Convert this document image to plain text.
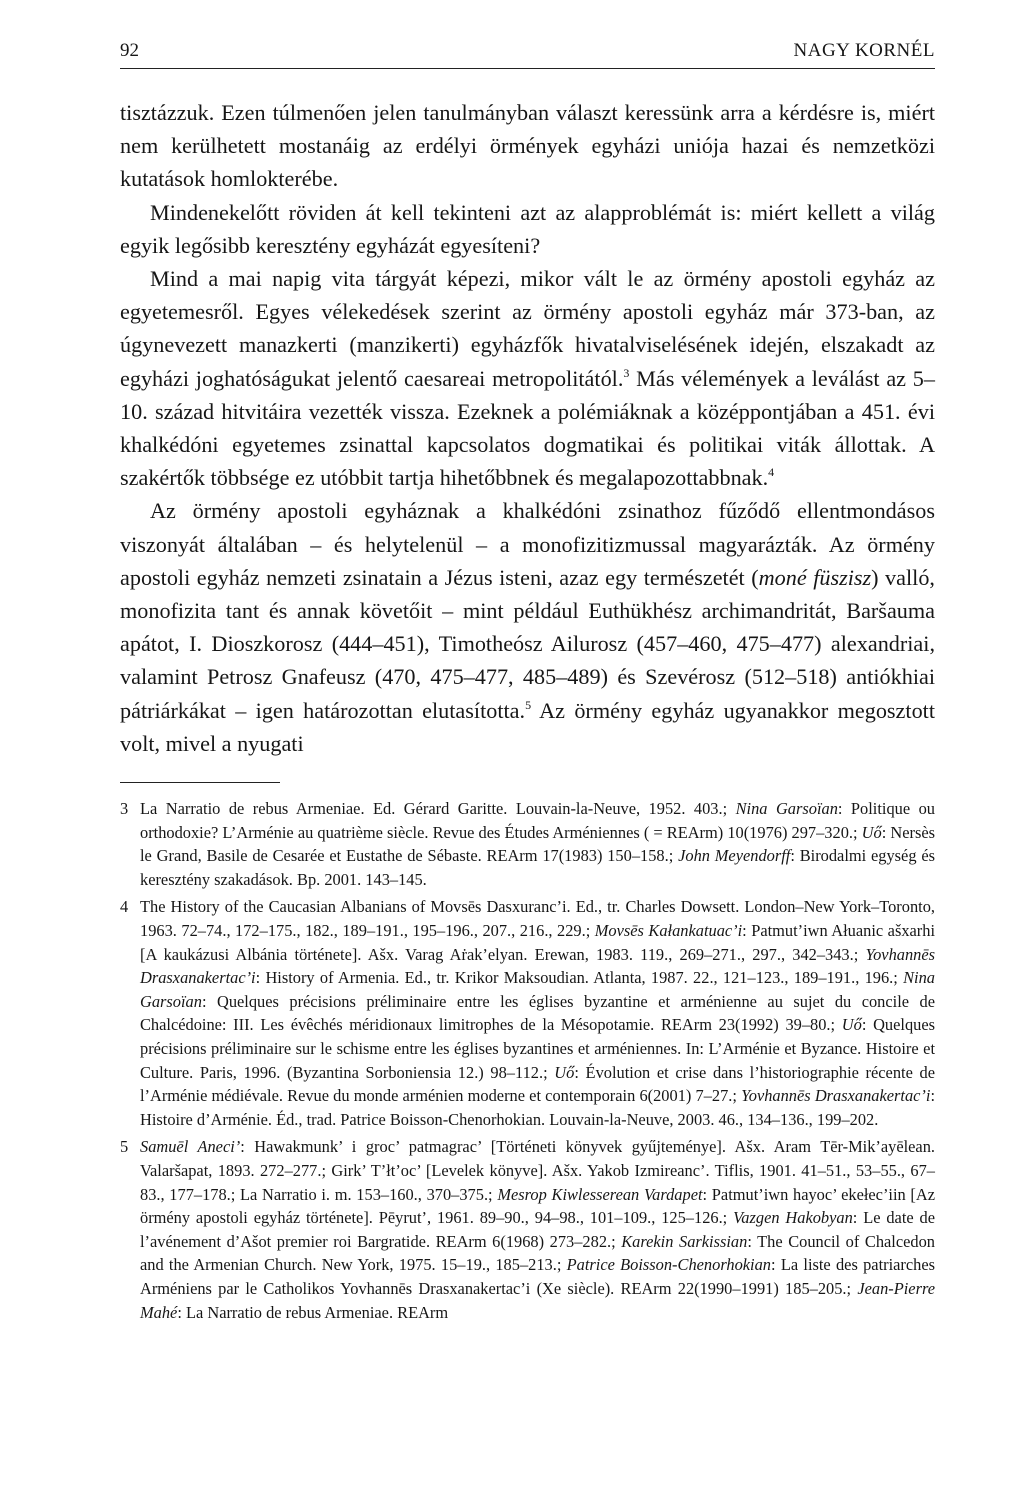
92	NAGY KORNÉL

tisztázzuk. Ezen túlmenően jelen tanulmányban választ keressünk arra a kérdésre is, miért nem kerülhetett mostanáig az erdélyi örmények egyházi uniója hazai és nemzetközi kutatások homlokterébe.

Mindenekelőtt röviden át kell tekinteni azt az alapproblémát is: miért kellett a világ egyik legősibb keresztény egyházát egyesíteni?

Mind a mai napig vita tárgyát képezi, mikor vált le az örmény apostoli egyház az egyetemesről. Egyes vélekedések szerint az örmény apostoli egyház már 373-ban, az úgynevezett manazkerti (manzikerti) egyházfők hivatalviselésének idején, elszakadt az egyházi joghatóságukat jelentő caesareai metropolitától.$^3$ Más vélemények a leválást az 5–10. század hitvitáira vezették vissza. Ezeknek a polémiáknak a középpontjában a 451. évi khalkédóni egyetemes zsinattal kapcsolatos dogmatikai és politikai viták állottak. A szakértők többsége ez utóbbit tartja hihetőbbnek és megalapozottabbnak.$^4$

Az örmény apostoli egyháznak a khalkédóni zsinathoz fűződő ellentmondásos viszonyát általában – és helytelenül – a monofizitizmussal magyarázták. Az örmény apostoli egyház nemzeti zsinatain a Jézus isteni, azaz egy természetét (moné füszisz) valló, monofizita tant és annak követőit – mint például Euthükhész archimandritát, Baršauma apátot, I. Dioszkorosz (444–451), Timotheósz Ailurosz (457–460, 475–477) alexandriai, valamint Petrosz Gnafeusz (470, 475–477, 485–489) és Szevérosz (512–518) antiókhiai pátriárkákat – igen határozottan elutasította.$^5$ Az örmény egyház ugyanakkor megosztott volt, mivel a nyugati

3 La Narratio de rebus Armeniae. Ed. Gérard Garitte. Louvain-la-Neuve, 1952. 403.; Nina Garsoïan: Politique ou orthodoxie? L’Arménie au quatrième siècle. Revue des Études Arméniennes ( = REArm) 10(1976) 297–320.; Uő: Nersès le Grand, Basile de Cesarée et Eustathe de Sébaste. REArm 17(1983) 150–158.; John Meyendorff: Birodalmi egység és keresztény szakadások. Bp. 2001. 143–145.
4 The History of the Caucasian Albanians of Movsēs Dasxuranc’i. Ed., tr. Charles Dowsett. London–New York–Toronto, 1963. 72–74., 172–175., 182., 189–191., 195–196., 207., 216., 229.; Movsēs Kałankatuac’i: Patmut’iwn Ałuanic ašxarhi [A kaukázusi Albánia története]. Ašx. Varag Aṙak’elyan. Erewan, 1983. 119., 269–271., 297., 342–343.; Yovhannēs Drasxanakertac’i: History of Armenia. Ed., tr. Krikor Maksoudian. Atlanta, 1987. 22., 121–123., 189–191., 196.; Nina Garsoïan: Quelques précisions préliminaire entre les églises byzantine et arménienne au sujet du concile de Chalcédoine: III. Les évêchés méridionaux limitrophes de la Mésopotamie. REArm 23(1992) 39–80.; Uő: Quelques précisions préliminaire sur le schisme entre les églises byzantines et arméniennes. In: L’Arménie et Byzance. Histoire et Culture. Paris, 1996. (Byzantina Sorboniensia 12.) 98–112.; Uő: Évolution et crise dans l’historiographie récente de l’Arménie médiévale. Revue du monde arménien moderne et contemporain 6(2001) 7–27.; Yovhannēs Drasxanakertac’i: Histoire d’Arménie. Éd., trad. Patrice Boisson-Chenorhokian. Louvain-la-Neuve, 2003. 46., 134–136., 199–202.
5 Samuēl Aneci’: Hawakmunk’ i groc’ patmagrac’ [Történeti könyvek gyűjteménye]. Ašx. Aram Tēr-Mik’ayēlean. Valaršapat, 1893. 272–277.; Girk’ T’łt’oc’ [Levelek könyve]. Ašx. Yakob Izmireanc’. Tiflis, 1901. 41–51., 53–55., 67–83., 177–178.; La Narratio i. m. 153–160., 370–375.; Mesrop Kiwlesserean Vardapet: Patmut’iwn hayoc’ ekełec’iin [Az örmény apostoli egyház története]. Pēyrut’, 1961. 89–90., 94–98., 101–109., 125–126.; Vazgen Hakobyan: Le date de l’avénement d’Ašot premier roi Bargratide. REArm 6(1968) 273–282.; Karekin Sarkissian: The Council of Chalcedon and the Armenian Church. New York, 1975. 15–19., 185–213.; Patrice Boisson-Chenorhokian: La liste des patriarches Arméniens par le Catholikos Yovhannēs Drasxanakertac’i (Xe siècle). REArm 22(1990–1991) 185–205.; Jean-Pierre Mahé: La Narratio de rebus Armeniae. REArm
